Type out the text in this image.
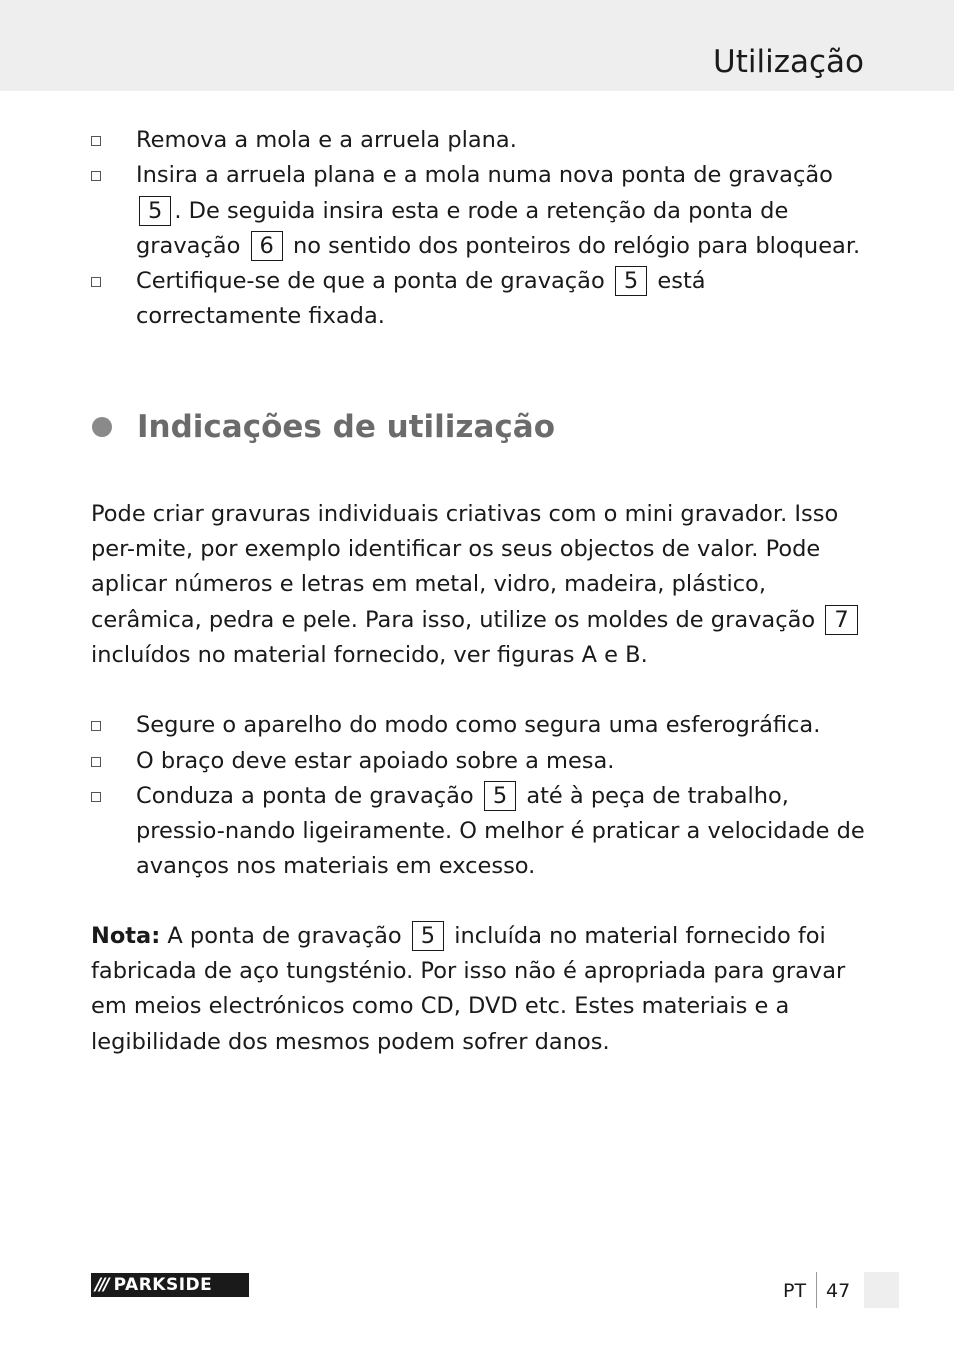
Utilização
Remova a mola e a arruela plana.
Insira a arruela plana e a mola numa nova ponta de gravação5 . De seguida insira esta e rode a retenção da ponta de gravação 6 no sentido dos ponteiros do relógio para bloquear.
Certifique-se de que a ponta de gravação 5 está correctamente fixada.
Indicações de utilização

Pode criar gravuras individuais criativas com o mini gravador. Isso per-mite, por exemplo identificar os seus objectos de valor. Pode aplicar números e letras em metal, vidro, madeira, plástico, cerâmica, pedra e pele. Para isso, utilize os moldes de gravação 7incluídos no material fornecido, ver figuras A e B.

Segure o aparelho do modo como segura uma esferográfica.
O braço deve estar apoiado sobre a mesa.
Conduza a ponta de gravação 5 até à peça de trabalho, pressio-nando ligeiramente. O melhor é praticar a velocidade de avanços nos materiais em excesso.

Nota: A ponta de gravação 5 incluída no material fornecido foi fabricada de aço tungsténio. Por isso não é apropriada para gravar em meios electrónicos como CD, DVD etc. Estes materiais e a legibilidade dos mesmos podem sofrer danos.

/// PARKSIDE	PT 47
